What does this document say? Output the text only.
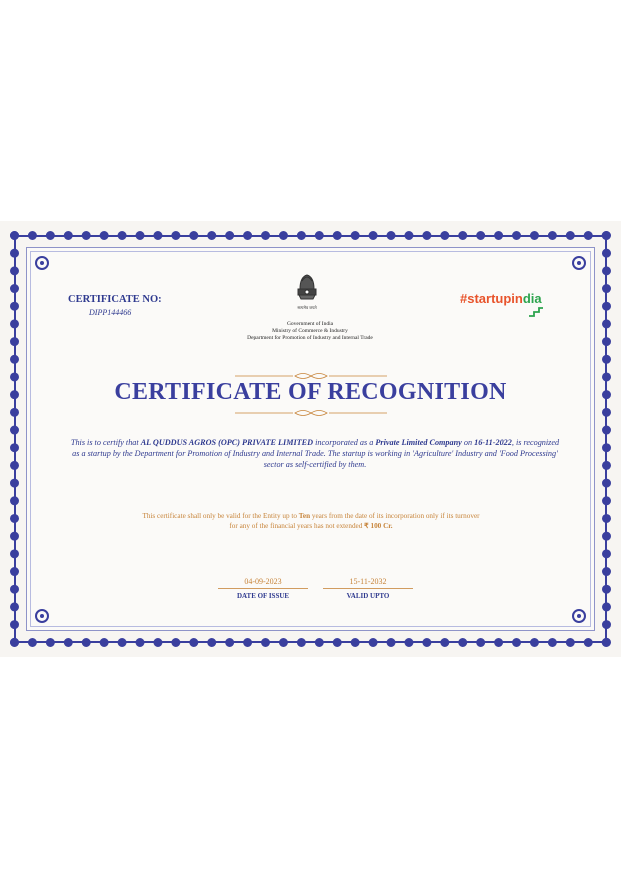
CERTIFICATE NO:
DIPP144466
सत्यमेव जयते
Government of India
Ministry of Commerce & Industry
Department for Promotion of Industry and Internal Trade
#startupindia
CERTIFICATE OF RECOGNITION
This is to certify that AL QUDDUS AGROS (OPC) PRIVATE LIMITED incorporated as a Private Limited Company on 16-11-2022, is recognized as a startup by the Department for Promotion of Industry and Internal Trade. The startup is working in 'Agriculture' Industry and 'Food Processing' sector as self-certified by them.
This certificate shall only be valid for the Entity up to Ten years from the date of its incorporation only if its turnover for any of the financial years has not extended ₹ 100 Cr.
04-09-2023
DATE OF ISSUE
15-11-2032
VALID UPTO
